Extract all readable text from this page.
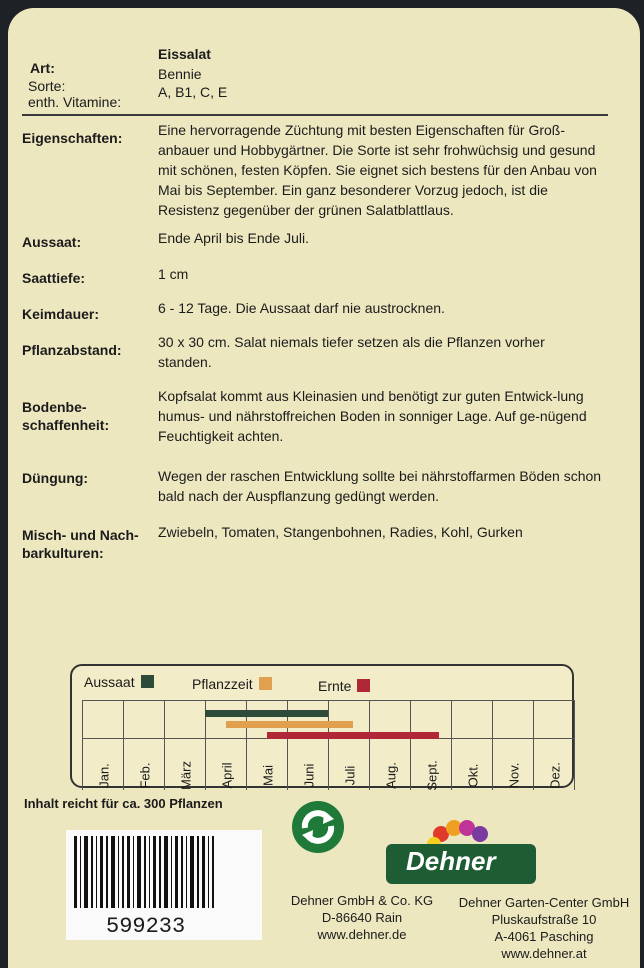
Art:
Eissalat
Sorte:
Bennie
enth. Vitamine:
A, B1, C, E
Eigenschaften:	Eine hervorragende Züchtung mit besten Eigenschaften für Groß-anbauer und Hobbygärtner. Die Sorte ist sehr frohwüchsig und gesund mit schönen, festen Köpfen. Sie eignet sich bestens für den Anbau von Mai bis September. Ein ganz besonderer Vorzug jedoch, ist die Resistenz gegenüber der grünen Salatblattlaus.
Aussaat:	Ende April bis Ende Juli.
Saattiefe:	1 cm
Keimdauer:	6 - 12 Tage. Die Aussaat darf nie austrocknen.
Pflanzabstand:	30 x 30 cm. Salat niemals tiefer setzen als die Pflanzen vorher standen.
Bodenbe-schaffenheit:
Kopfsalat kommt aus Kleinasien und benötigt zur guten Entwick-lung humus- und nährstoffreichen Boden in sonniger Lage. Auf ge-nügend Feuchtigkeit achten.
Düngung:	Wegen der raschen Entwicklung sollte bei nährstoffarmen Böden schon bald nach der Auspflanzung gedüngt werden.
Misch- und Nach-barkulturen:
Zwiebeln, Tomaten, Stangenbohnen, Radies, Kohl, Gurken
Aussaat	Pflanzzeit	Ernte
Inhalt reicht für ca. 300 Pflanzen
599233
Dehner
Dehner GmbH & Co. KG
D-86640 Rain
www.dehner.de
Dehner Garten-Center GmbH
Pluskaufstraße 10
A-4061 Pasching
www.dehner.at
Jan. Feb. März April Mai Juni Juli Aug. Sept. Okt. Nov. Dez.
